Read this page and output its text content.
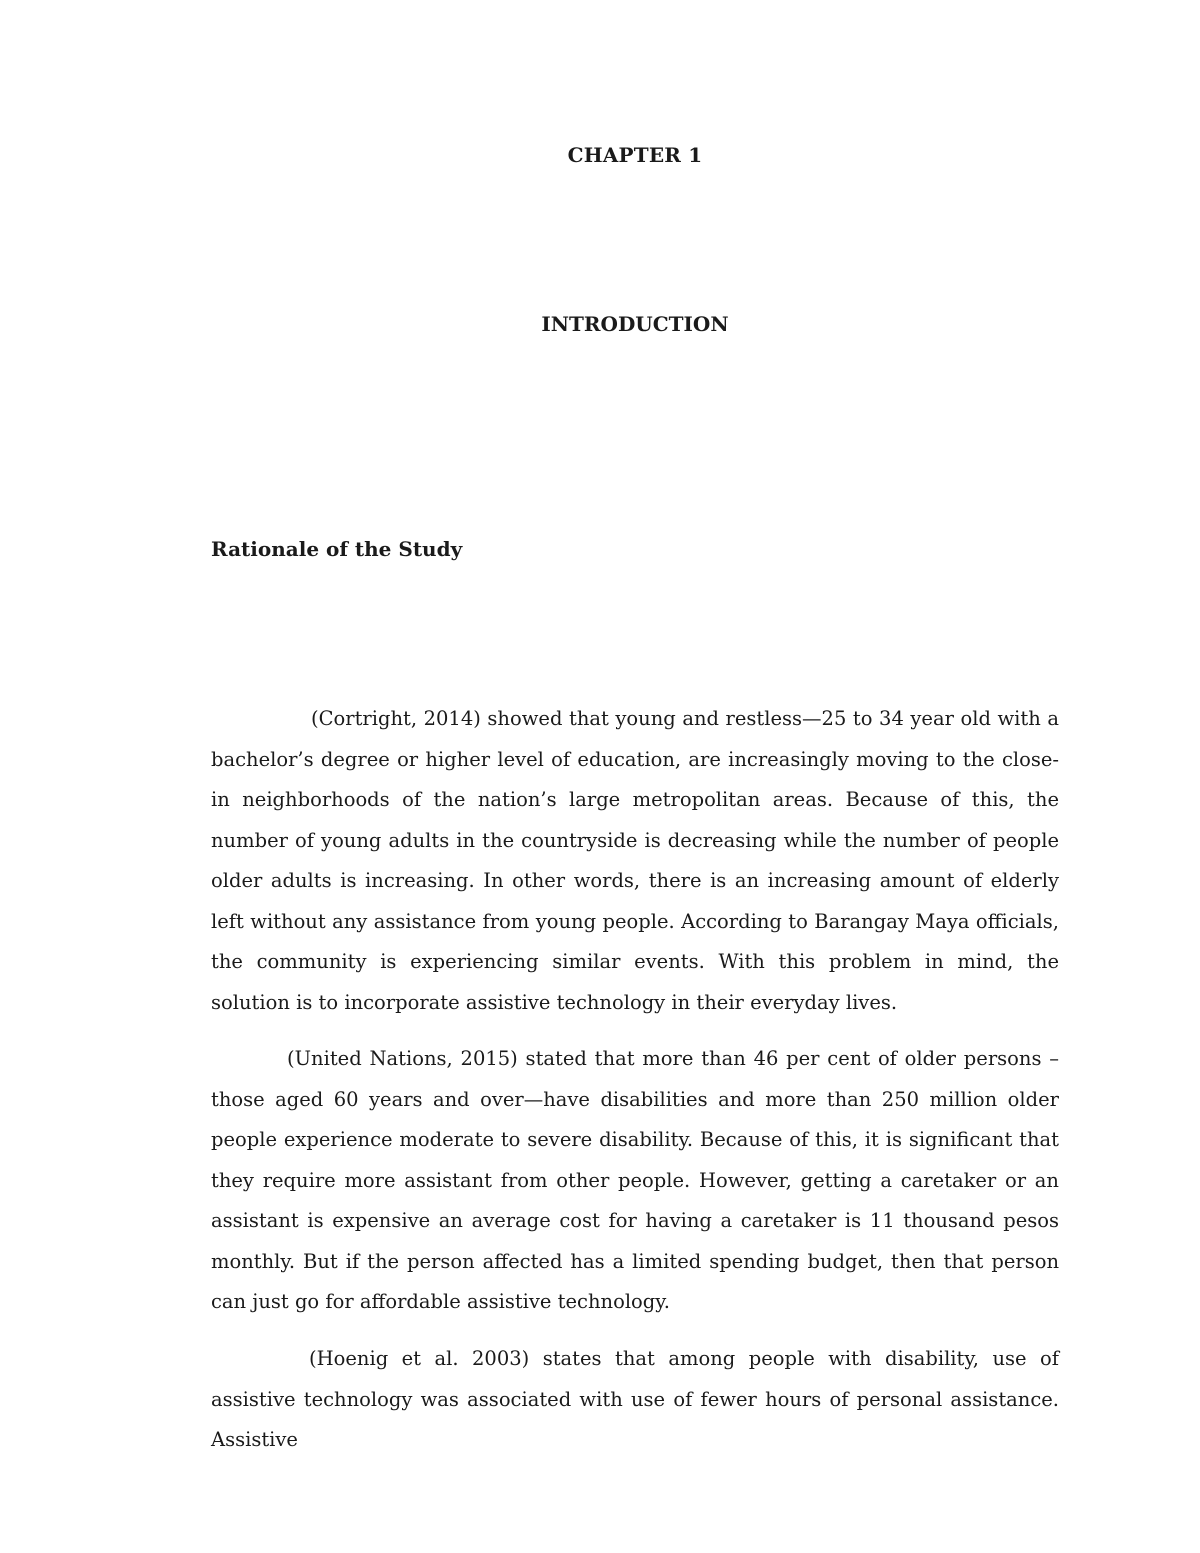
CHAPTER 1
INTRODUCTION
Rationale of the Study

(Cortright, 2014) showed that young and restless—25 to 34 year old with a bachelor’s degree or higher level of education, are increasingly moving to the close-in neighborhoods of the nation’s large metropolitan areas. Because of this, the number of young adults in the countryside is decreasing while the number of people older adults is increasing. In other words, there is an increasing amount of elderly left without any assistance from young people. According to Barangay Maya officials, the community is experiencing similar events. With this problem in mind, the solution is to incorporate assistive technology in their everyday lives.

(United Nations, 2015) stated that more than 46 per cent of older persons – those aged 60 years and over—have disabilities and more than 250 million older people experience moderate to severe disability. Because of this, it is significant that they require more assistant from other people. However, getting a caretaker or an assistant is expensive an average cost for having a caretaker is 11 thousand pesos monthly. But if the person affected has a limited spending budget, then that person can just go for affordable assistive technology.

(Hoenig et al. 2003) states that among people with disability, use of assistive technology was associated with use of fewer hours of personal assistance. Assistive
